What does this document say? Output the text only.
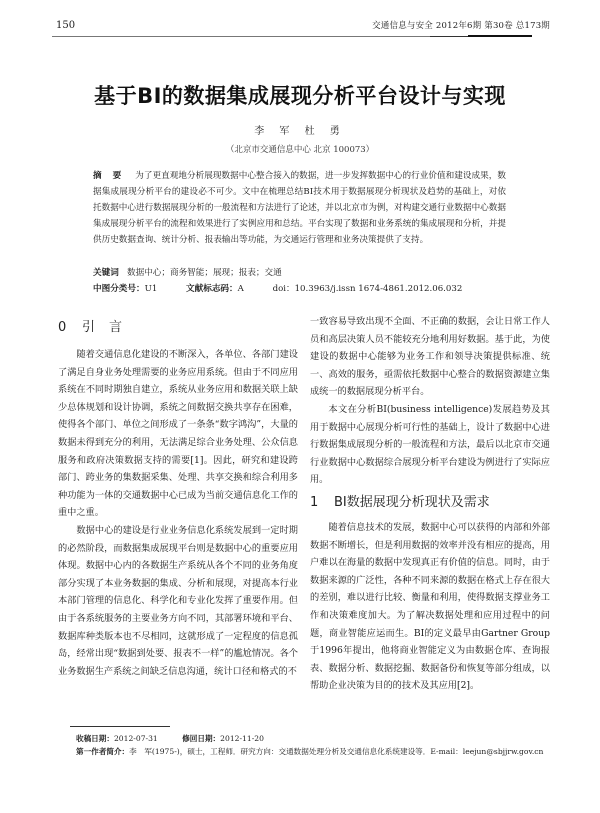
150	交通信息与安全 2012年6期 第30卷 总173期
基于BI的数据集成展现分析平台设计与实现
李 军 杜 勇
（北京市交通信息中心 北京 100073）
摘 要 为了更直观地分析展现数据中心整合接入的数据，进一步发挥数据中心的行业价值和建设成果，数据集成展现分析平台的建设必不可少。文中在梳理总结BI技术用于数据展现分析现状及趋势的基础上，对依托数据中心进行数据展现分析的一般流程和方法进行了论述，并以北京市为例，对构建交通行业数据中心数据集成展现分析平台的流程和效果进行了实例应用和总结。平台实现了数据和业务系统的集成展现和分析，并提供历史数据查询、统计分析、报表输出等功能，为交通运行管理和业务决策提供了支持。
关键词 数据中心；商务智能；展现；报表；交通
中图分类号：U1	文献标志码：A	doi：10.3963/j.issn 1674-4861.2012.06.032
0 引言

随着交通信息化建设的不断深入，各单位、各部门建设了满足自身业务处理需要的业务应用系统。但由于不同应用系统在不同时期独自建立，系统从业务应用和数据关联上缺少总体规划和设计协调，系统之间数据交换共享存在困难，使得各个部门、单位之间形成了一条条“数字鸿沟”，大量的数据未得到充分的利用，无法满足综合业务处理、公众信息服务和政府决策数据支持的需要[1]。因此，研究和建设跨部门、跨业务的集数据采集、处理、共享交换和综合利用多种功能为一体的交通数据中心已成为当前交通信息化工作的重中之重。

数据中心的建设是行业业务信息化系统发展到一定时期的必然阶段，而数据集成展现平台则是数据中心的重要应用体现。数据中心内的各数据生产系统从各个不同的业务角度部分实现了本业务数据的集成、分析和展现，对提高本行业本部门管理的信息化、科学化和专业化发挥了重要作用。但由于各系统服务的主要业务方向不同，其部署环境和平台、数据库种类版本也不尽相同，这就形成了一定程度的信息孤岛，经常出现“数据到处要、报表不一样”的尴尬情况。各个业务数据生产系统之间缺乏信息沟通，统计口径和格式的不

一致容易导致出现不全面、不正确的数据，会让日常工作人员和高层决策人员不能较充分地利用好数据。基于此，为使建设的数据中心能够为业务工作和领导决策提供标准、统一、高效的服务，亟需依托数据中心整合的数据资源建立集成统一的数据展现分析平台。

本文在分析BI(business intelligence)发展趋势及其用于数据中心展现分析可行性的基础上，设计了数据中心进行数据集成展现分析的一般流程和方法，最后以北京市交通行业数据中心数据综合展现分析平台建设为例进行了实际应用。

1 BI数据展现分析现状及需求

随着信息技术的发展，数据中心可以获得的内部和外部数据不断增长，但是利用数据的效率并没有相应的提高，用户难以在海量的数据中发现真正有价值的信息。同时，由于数据来源的广泛性，各种不同来源的数据在格式上存在很大的差别，难以进行比较、衡量和利用，使得数据支撑业务工作和决策难度加大。为了解决数据处理和应用过程中的问题，商业智能应运而生。BI的定义最早由Gartner Group于1996年提出，他将商业智能定义为由数据仓库、查询报表、数据分析、数据挖掘、数据备份和恢复等部分组成，以帮助企业决策为目的的技术及其应用[2]。

收稿日期：2012-07-31	修回日期：2012-11-20
第一作者简介：李　军(1975-)，硕士，工程师．研究方向：交通数据处理分析及交通信息化系统建设等．E-mail：leejun@sbjjrw.gov.cn
